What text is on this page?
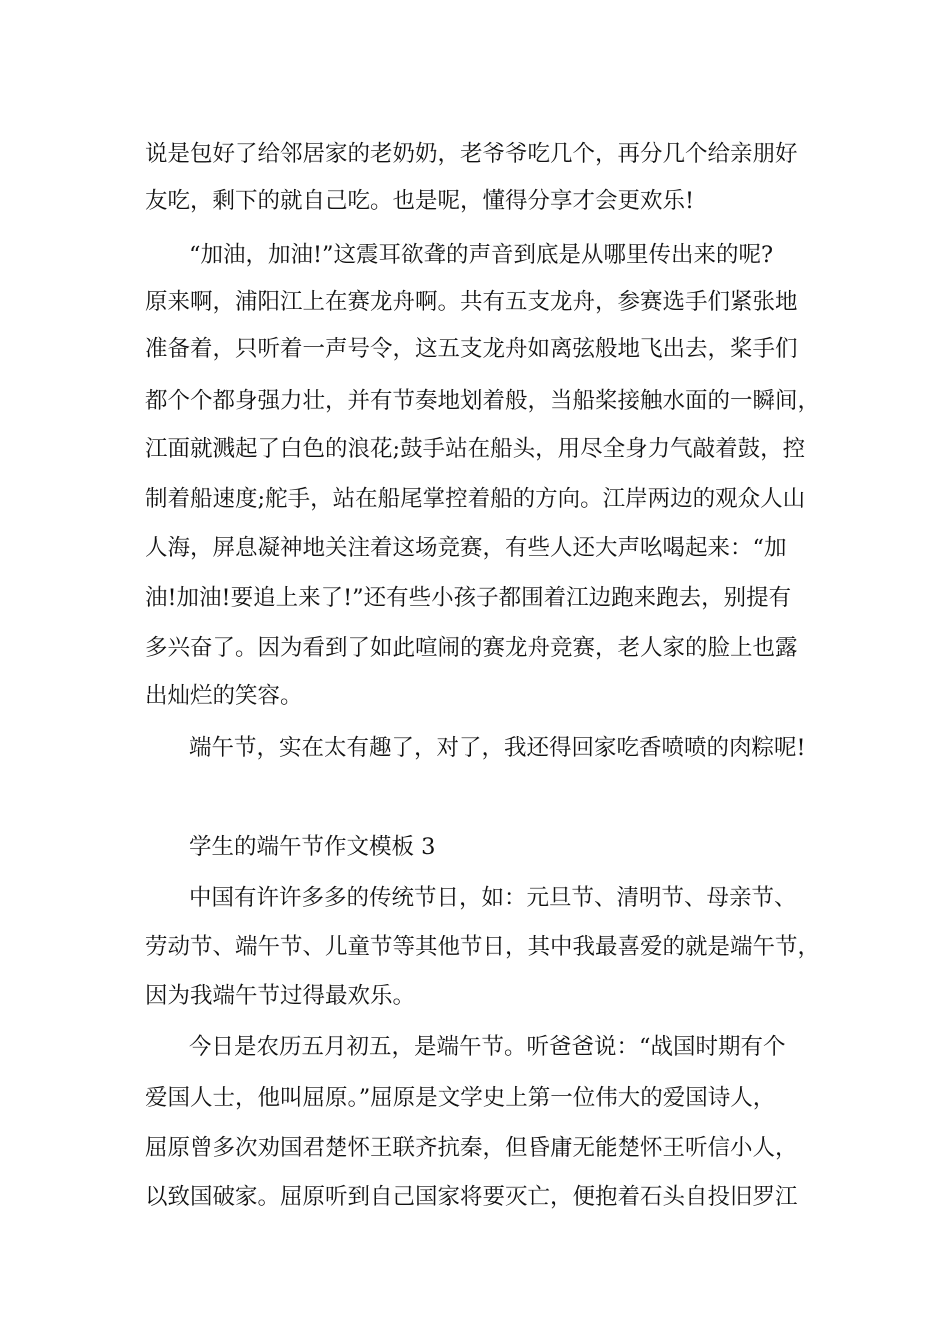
说是包好了给邻居家的老奶奶，老爷爷吃几个，再分几个给亲朋好
友吃，剩下的就自己吃。也是呢，懂得分享才会更欢乐!
“加油，加油!”这震耳欲聋的声音到底是从哪里传出来的呢?
原来啊，浦阳江上在赛龙舟啊。共有五支龙舟，参赛选手们紧张地
准备着，只听着一声号令，这五支龙舟如离弦般地飞出去，桨手们
都个个都身强力壮，并有节奏地划着般，当船桨接触水面的一瞬间，
江面就溅起了白色的浪花;鼓手站在船头，用尽全身力气敲着鼓，控
制着船速度;舵手，站在船尾掌控着船的方向。江岸两边的观众人山
人海，屏息凝神地关注着这场竞赛，有些人还大声吆喝起来：“加
油!加油!要追上来了!”还有些小孩子都围着江边跑来跑去，别提有
多兴奋了。因为看到了如此喧闹的赛龙舟竞赛，老人家的脸上也露
出灿烂的笑容。
端午节，实在太有趣了，对了，我还得回家吃香喷喷的肉粽呢!
学生的端午节作文模板 3
中国有许许多多的传统节日，如：元旦节、清明节、母亲节、
劳动节、端午节、儿童节等其他节日，其中我最喜爱的就是端午节，
因为我端午节过得最欢乐。
今日是农历五月初五，是端午节。听爸爸说：“战国时期有个
爱国人士，他叫屈原。”屈原是文学史上第一位伟大的爱国诗人，
屈原曾多次劝国君楚怀王联齐抗秦，但昏庸无能楚怀王听信小人，
以致国破家。屈原听到自己国家将要灭亡，便抱着石头自投旧罗江
